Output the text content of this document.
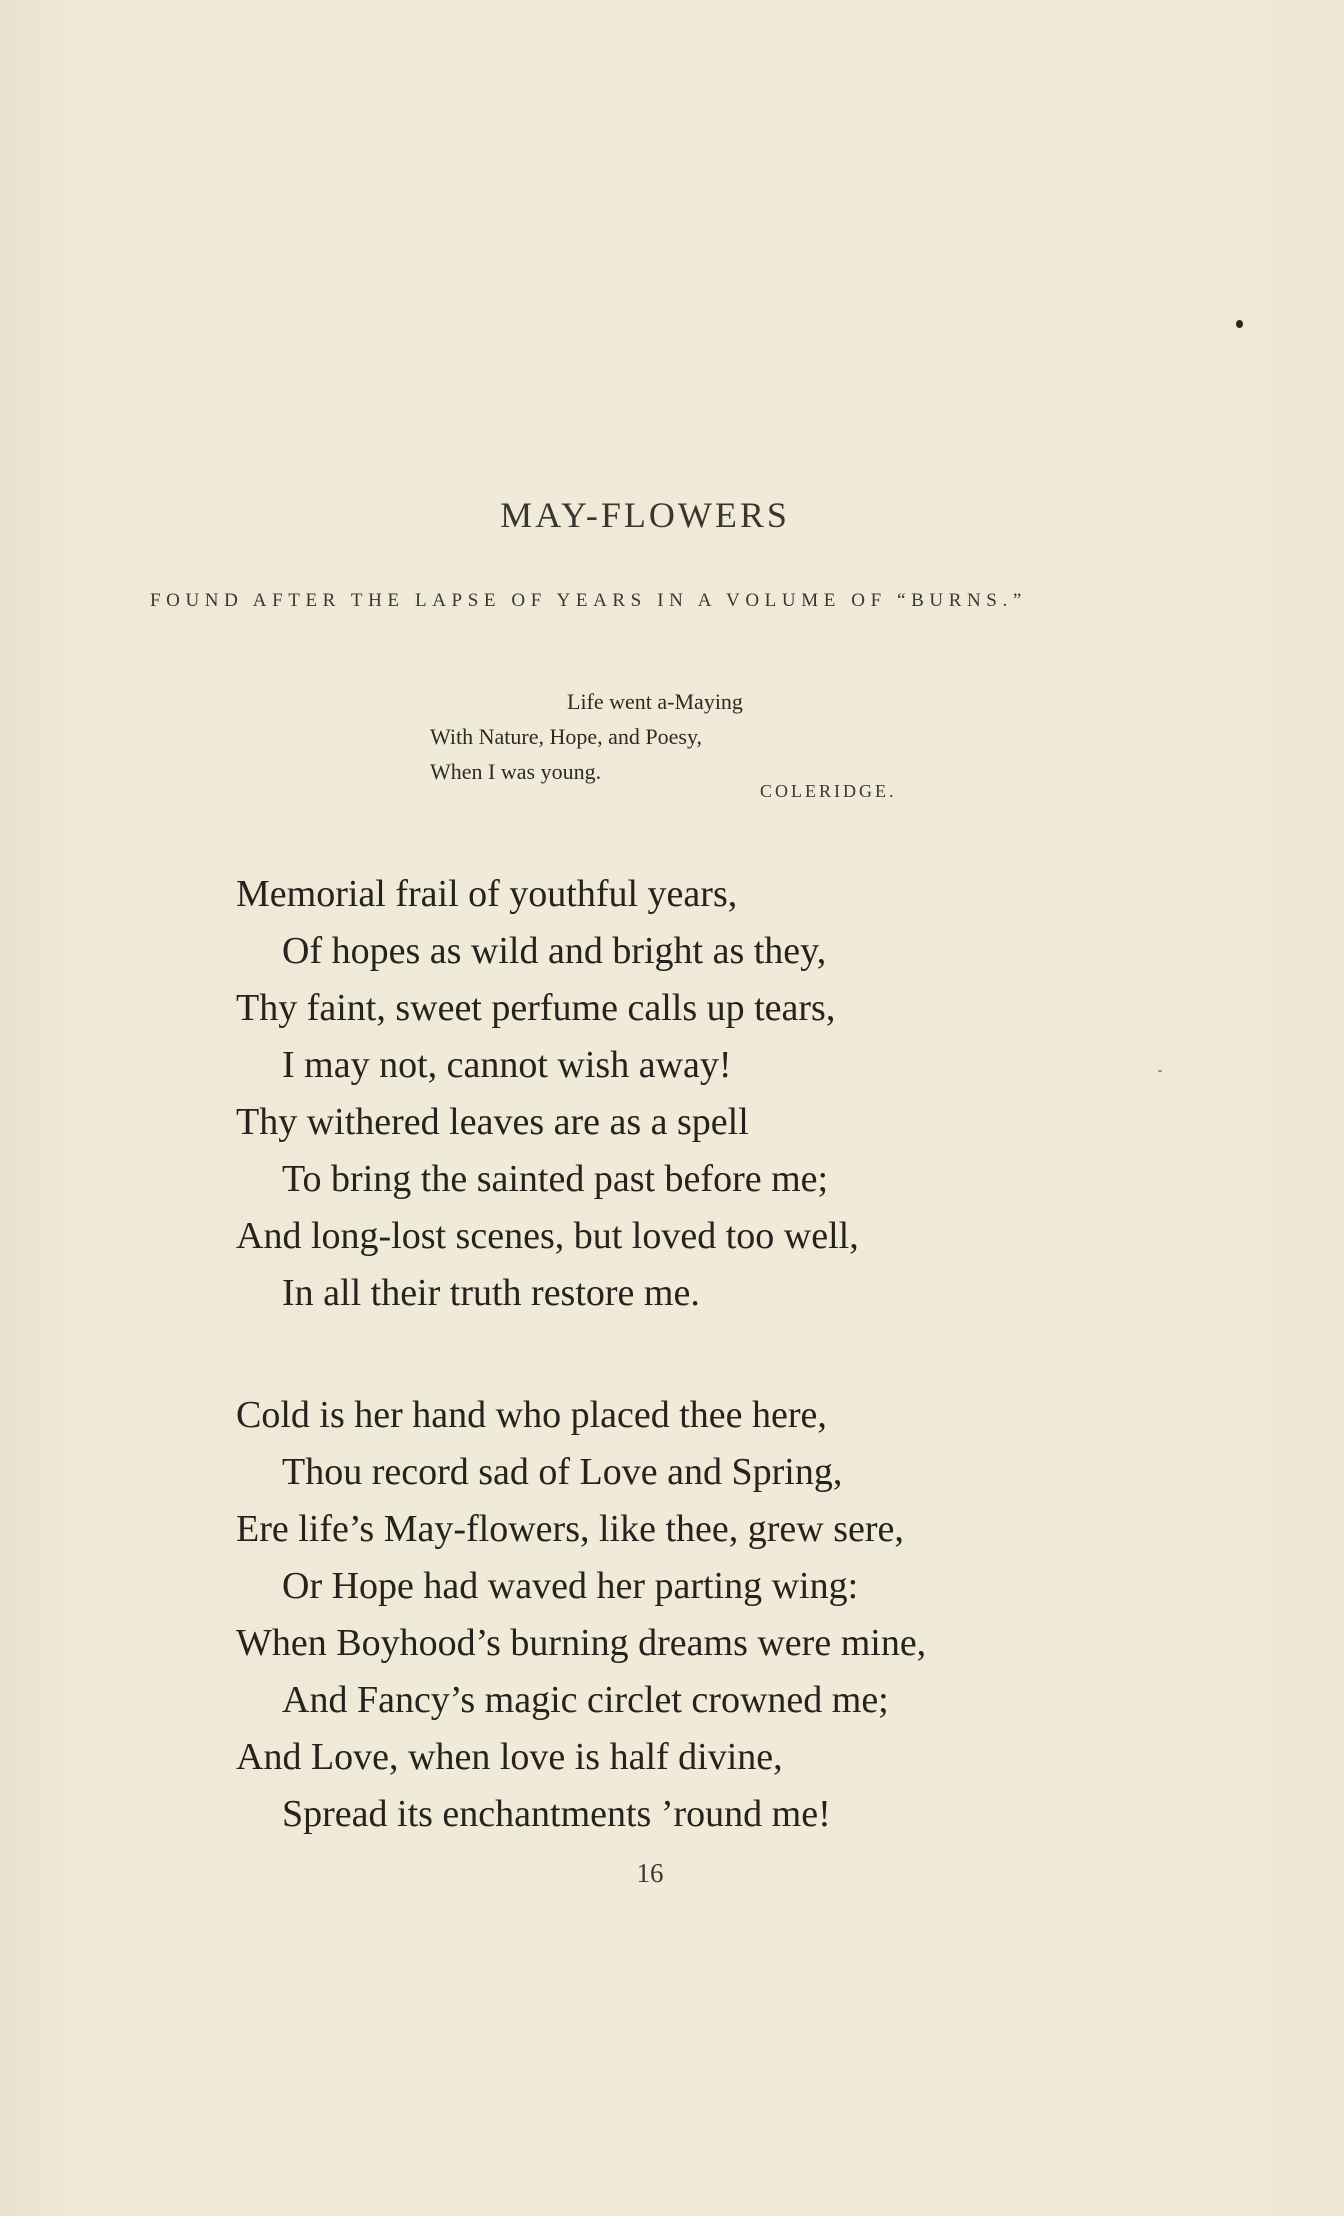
MAY-FLOWERS
FOUND AFTER THE LAPSE OF YEARS IN A VOLUME OF “BURNS.”
Life went a-Maying
With Nature, Hope, and Poesy,
When I was young.
COLERIDGE.
Memorial frail of youthful years,
Of hopes as wild and bright as they,
Thy faint, sweet perfume calls up tears,
I may not, cannot wish away!
Thy withered leaves are as a spell
To bring the sainted past before me;
And long-lost scenes, but loved too well,
In all their truth restore me.
Cold is her hand who placed thee here,
Thou record sad of Love and Spring,
Ere life’s May-flowers, like thee, grew sere,
Or Hope had waved her parting wing:
When Boyhood’s burning dreams were mine,
And Fancy’s magic circlet crowned me;
And Love, when love is half divine,
Spread its enchantments ’round me!
16
